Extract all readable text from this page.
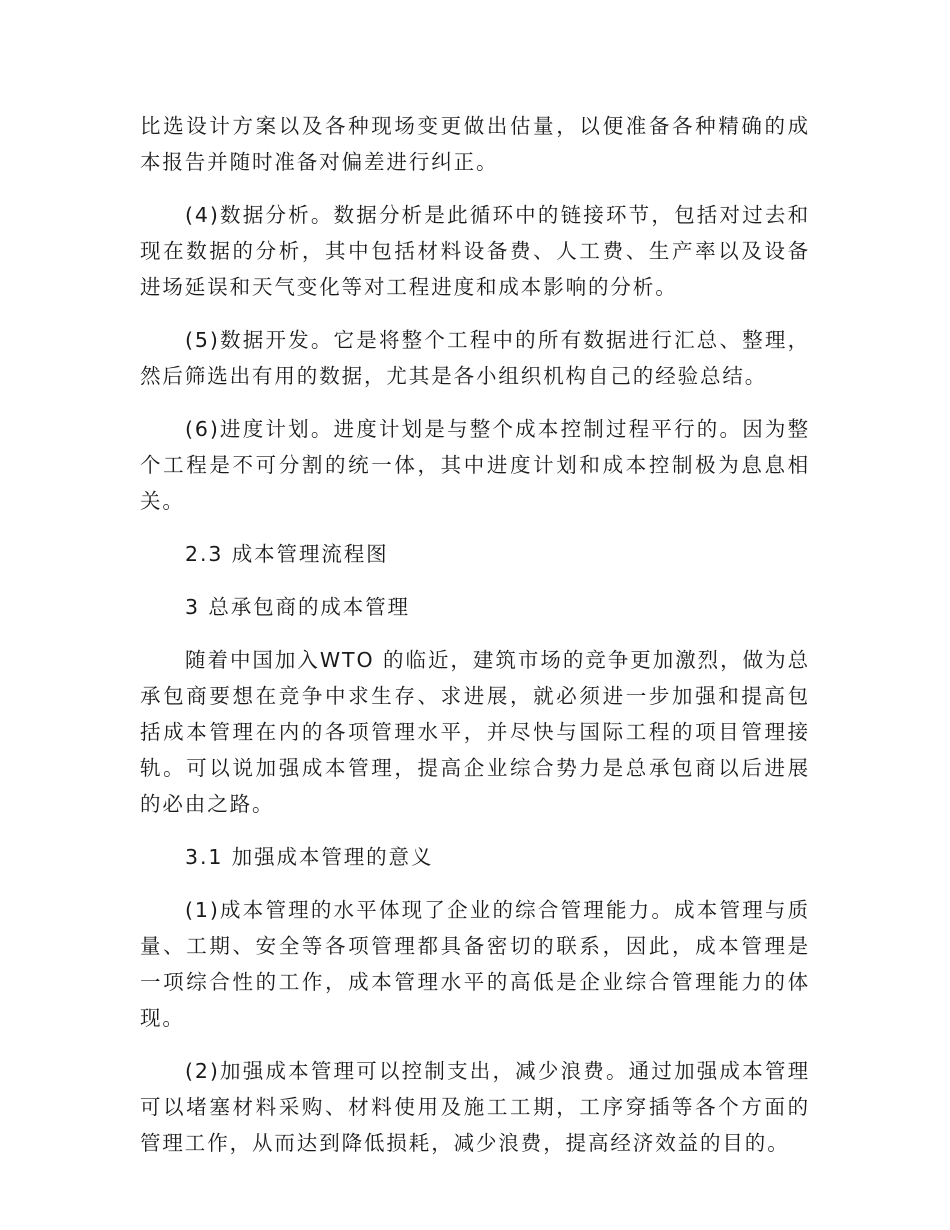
比选设计方案以及各种现场变更做出估量，以便准备各种精确的成本报告并随时准备对偏差进行纠正。

(4)数据分析。数据分析是此循环中的链接环节，包括对过去和现在数据的分析，其中包括材料设备费、人工费、生产率以及设备进场延误和天气变化等对工程进度和成本影响的分析。

(5)数据开发。它是将整个工程中的所有数据进行汇总、整理，然后筛选出有用的数据，尤其是各小组织机构自己的经验总结。

(6)进度计划。进度计划是与整个成本控制过程平行的。因为整个工程是不可分割的统一体，其中进度计划和成本控制极为息息相关。

2.3 成本管理流程图

3 总承包商的成本管理

随着中国加入WTO 的临近，建筑市场的竞争更加激烈，做为总承包商要想在竞争中求生存、求进展，就必须进一步加强和提高包括成本管理在内的各项管理水平，并尽快与国际工程的项目管理接轨。可以说加强成本管理，提高企业综合势力是总承包商以后进展的必由之路。

3.1 加强成本管理的意义

(1)成本管理的水平体现了企业的综合管理能力。成本管理与质量、工期、安全等各项管理都具备密切的联系，因此，成本管理是一项综合性的工作，成本管理水平的高低是企业综合管理能力的体现。

(2)加强成本管理可以控制支出，减少浪费。通过加强成本管理可以堵塞材料采购、材料使用及施工工期，工序穿插等各个方面的管理工作，从而达到降低损耗，减少浪费，提高经济效益的目的。
